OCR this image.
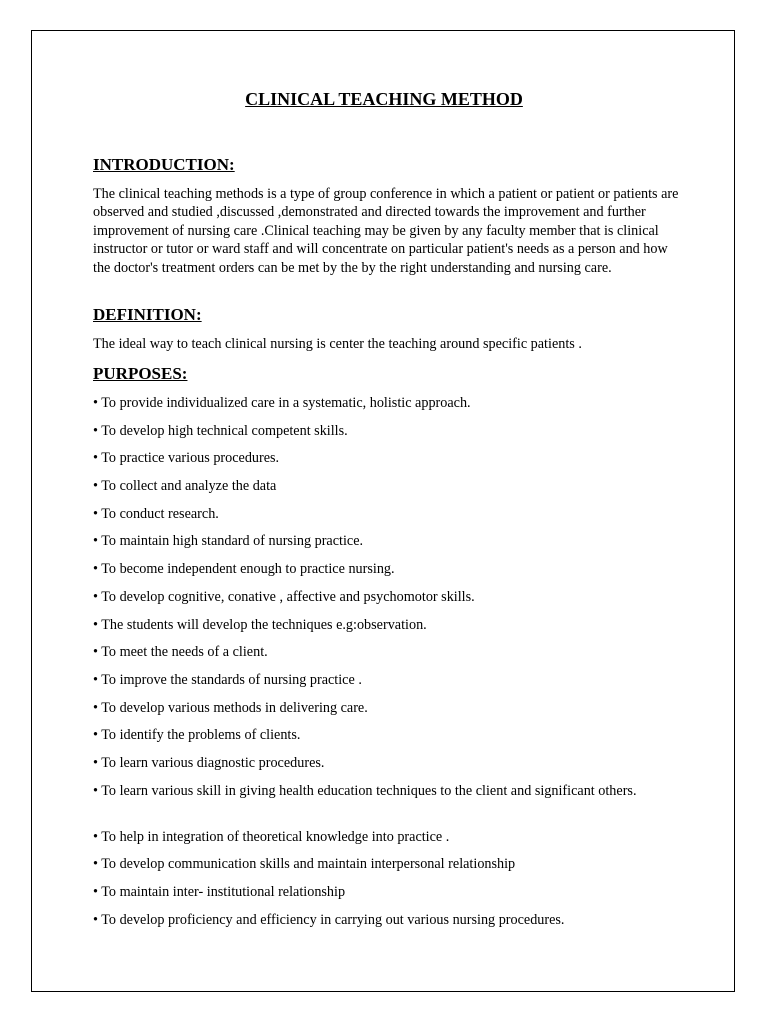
CLINICAL TEACHING METHOD
INTRODUCTION:
The clinical teaching methods is a type of group conference in which a patient or patient or patients are observed and studied ,discussed ,demonstrated and directed towards the improvement and further improvement of nursing care .Clinical teaching may be given by any faculty member that is clinical instructor or tutor or ward staff and will concentrate on particular patient's needs as a person and how the doctor's treatment orders can be met by the by the right understanding and nursing care.
DEFINITION:
The ideal way to teach clinical nursing is center the teaching around specific patients .
PURPOSES:
• To provide individualized care in a systematic, holistic approach.
• To develop high technical competent skills.
• To practice various procedures.
• To collect and analyze the data
• To conduct research.
• To maintain high standard of nursing practice.
• To become independent enough to practice nursing.
• To develop cognitive, conative , affective and psychomotor skills.
• The students will develop the techniques e.g:observation.
• To meet the needs of a client.
• To improve the standards of nursing practice .
• To develop various methods in delivering care.
• To identify the problems of clients.
• To learn various diagnostic procedures.
• To learn various skill in giving health education techniques to the client and significant others.
• To help in integration of theoretical knowledge into practice .
• To develop communication skills and maintain interpersonal relationship
• To maintain inter- institutional relationship
• To develop proficiency and efficiency in carrying out various nursing procedures.
